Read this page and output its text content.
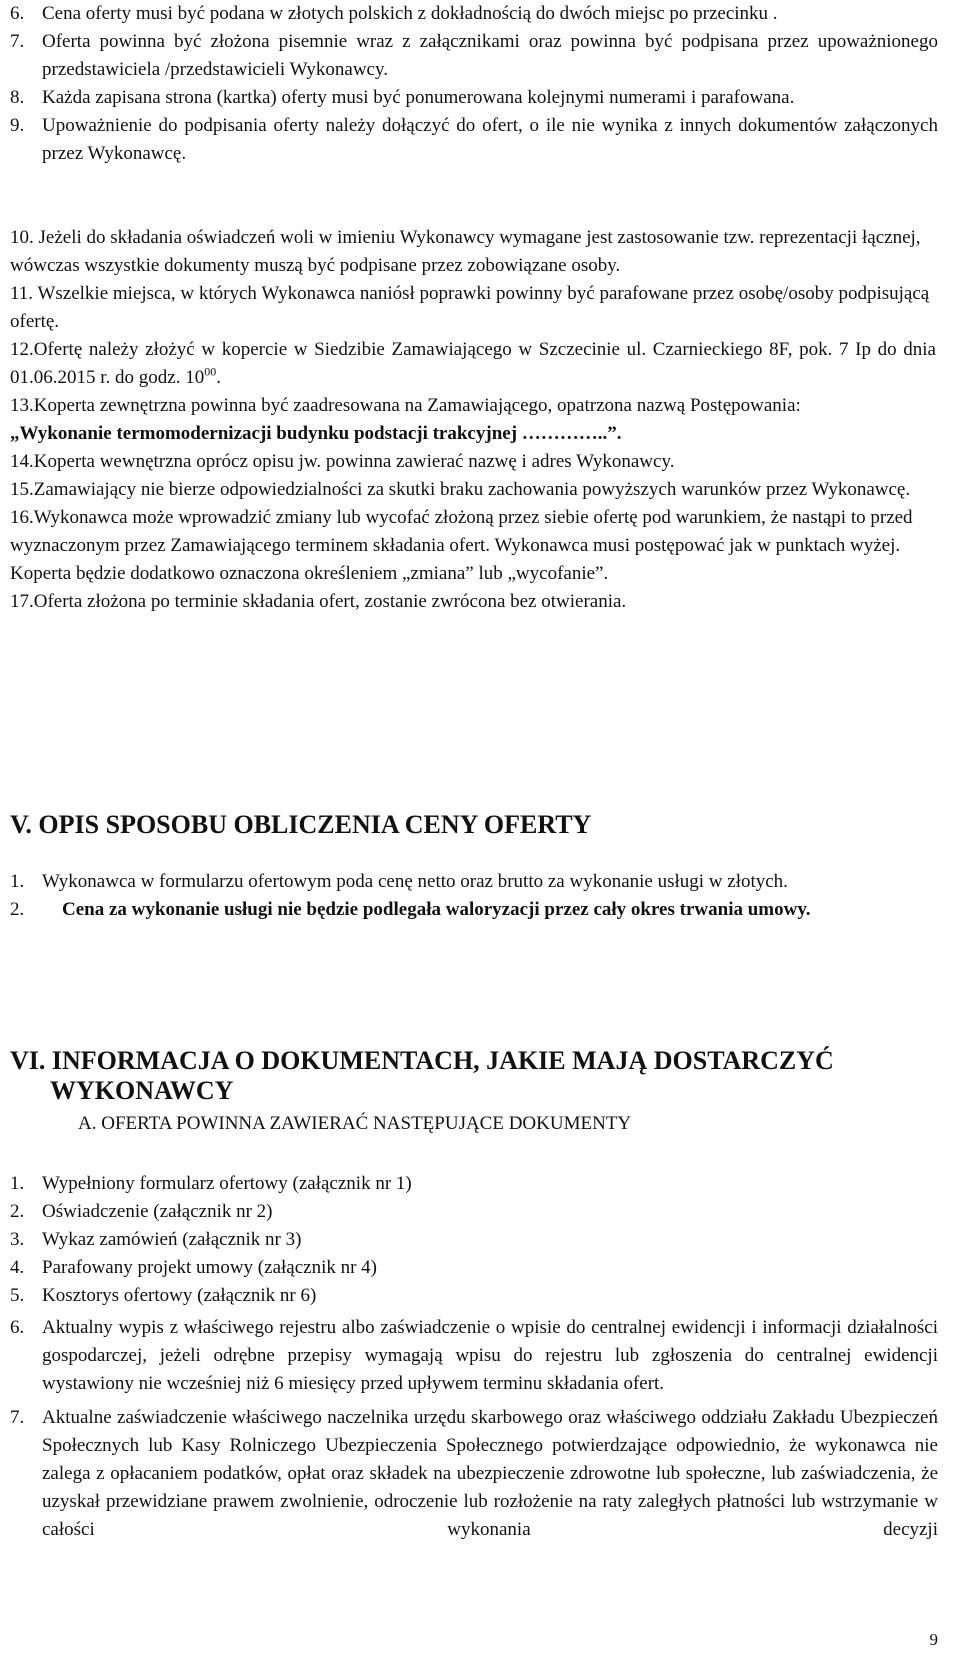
6. Cena oferty musi być podana w złotych polskich z dokładnością do dwóch miejsc po przecinku .
7. Oferta powinna być złożona pisemnie wraz z załącznikami oraz powinna być podpisana przez upoważnionego przedstawiciela /przedstawicieli Wykonawcy.
8. Każda zapisana strona (kartka) oferty musi być ponumerowana kolejnymi numerami i parafowana.
9. Upoważnienie do podpisania oferty należy dołączyć do ofert, o ile nie wynika z innych dokumentów załączonych przez Wykonawcę.

10. Jeżeli do składania oświadczeń woli w imieniu Wykonawcy wymagane jest zastosowanie tzw. reprezentacji łącznej, wówczas wszystkie dokumenty muszą być podpisane przez zobowiązane osoby.

11. Wszelkie miejsca, w których Wykonawca naniósł poprawki powinny być parafowane przez osobę/osoby podpisującą ofertę.

12.Ofertę należy złożyć w kopercie w Siedzibie Zamawiającego w Szczecinie ul. Czarnieckiego 8F, pok. 7 Ip do dnia 01.06.2015 r. do godz. $10^{00}$.

13.Koperta zewnętrzna powinna być zaadresowana na Zamawiającego, opatrzona nazwą Postępowania:

„Wykonanie termomodernizacji budynku podstacji trakcyjnej …………..”.

14.Koperta wewnętrzna oprócz opisu jw. powinna zawierać nazwę i adres Wykonawcy.

15.Zamawiający nie bierze odpowiedzialności za skutki braku zachowania powyższych warunków przez Wykonawcę.

16.Wykonawca może wprowadzić zmiany lub wycofać złożoną przez siebie ofertę pod warunkiem, że nastąpi to przed wyznaczonym przez Zamawiającego terminem składania ofert. Wykonawca musi postępować jak w punktach wyżej. Koperta będzie dodatkowo oznaczona określeniem „zmiana” lub „wycofanie”.

17.Oferta złożona po terminie składania ofert, zostanie zwrócona bez otwierania.

V. OPIS SPOSOBU OBLICZENIA CENY OFERTY
1. Wykonawca w formularzu ofertowym poda cenę netto oraz brutto za wykonanie usługi w złotych.
2. Cena za wykonanie usługi nie będzie podlegała waloryzacji przez cały okres trwania umowy.
VI. INFORMACJA O DOKUMENTACH, JAKIE MAJĄ DOSTARCZYĆ
WYKONAWCY
A. OFERTA POWINNA ZAWIERAĆ NASTĘPUJĄCE DOKUMENTY
1. Wypełniony formularz ofertowy (załącznik nr 1)
2. Oświadczenie (załącznik nr 2)
3. Wykaz zamówień (załącznik nr 3)
4. Parafowany projekt umowy (załącznik nr 4)
5. Kosztorys ofertowy (załącznik nr 6)
6. Aktualny wypis z właściwego rejestru albo zaświadczenie o wpisie do centralnej ewidencji i informacji działalności gospodarczej, jeżeli odrębne przepisy wymagają wpisu do rejestru lub zgłoszenia do centralnej ewidencji wystawiony nie wcześniej niż 6 miesięcy przed upływem terminu składania ofert.
7. Aktualne zaświadczenie właściwego naczelnika urzędu skarbowego oraz właściwego oddziału Zakładu Ubezpieczeń Społecznych lub Kasy Rolniczego Ubezpieczenia Społecznego potwierdzające odpowiednio, że wykonawca nie zalega z opłacaniem podatków, opłat oraz składek na ubezpieczenie zdrowotne lub społeczne, lub zaświadczenia, że uzyskał przewidziane prawem zwolnienie, odroczenie lub rozłożenie na raty zaległych płatności lub wstrzymanie w całości wykonania decyzji
9
